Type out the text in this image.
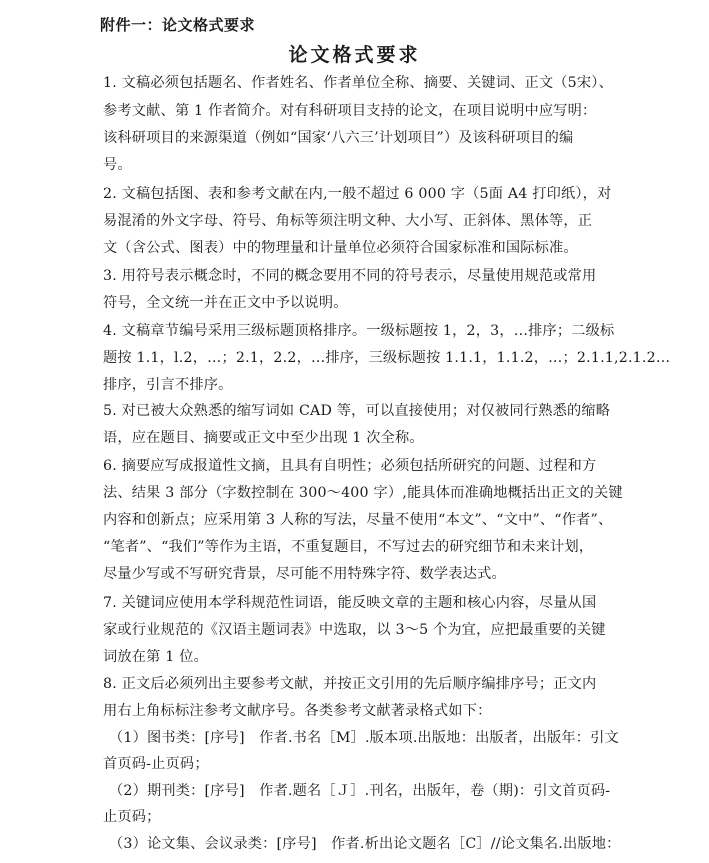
附件一：论文格式要求
论文格式要求
1. 文稿必须包括题名、作者姓名、作者单位全称、摘要、关键词、正文（5宋）、
参考文献、第 1 作者简介。对有科研项目支持的论文，在项目说明中应写明：
该科研项目的来源渠道（例如“国家‘八六三’计划项目”）及该科研项目的编
号。
2. 文稿包括图、表和参考文献在内,一般不超过 6 000 字（5面 A4 打印纸），对
易混淆的外文字母、符号、角标等须注明文种、大小写、正斜体、黑体等，正
文（含公式、图表）中的物理量和计量单位必须符合国家标准和国际标准。
3. 用符号表示概念时，不同的概念要用不同的符号表示，尽量使用规范或常用
符号，全文统一并在正文中予以说明。
4. 文稿章节编号采用三级标题顶格排序。一级标题按 1，2，3，…排序；二级标
题按 1.1，l.2，…；2.1，2.2，…排序，三级标题按 1.1.1，1.1.2，…；2.1.1,2.1.2…
排序，引言不排序。
5. 对已被大众熟悉的缩写词如 CAD 等，可以直接使用；对仅被同行熟悉的缩略
语，应在题目、摘要或正文中至少出现 1 次全称。
6. 摘要应写成报道性文摘，且具有自明性；必须包括所研究的问题、过程和方
法、结果 3 部分（字数控制在 300～400 字）,能具体而准确地概括出正文的关键
内容和创新点；应采用第 3 人称的写法，尽量不使用“本文”、“文中”、“作者”、
“笔者”、“我们”等作为主语，不重复题目，不写过去的研究细节和未来计划，
尽量少写或不写研究背景，尽可能不用特殊字符、数学表达式。
7. 关键词应使用本学科规范性词语，能反映文章的主题和核心内容，尽量从国
家或行业规范的《汉语主题词表》中选取，以 3～5 个为宜，应把最重要的关键
词放在第 1 位。
8. 正文后必须列出主要参考文献，并按正文引用的先后顺序编排序号；正文内
用右上角标标注参考文献序号。各类参考文献著录格式如下：
（1）图书类：[序号]　作者.书名［M］.版本项.出版地：出版者，出版年：引文
首页码-止页码；
（2）期刊类：[序号]　作者.题名［Ｊ］.刊名，出版年，卷（期)：引文首页码-
止页码；
（3）论文集、会议录类：[序号]　作者.析出论文题名［C］//论文集名.出版地：
